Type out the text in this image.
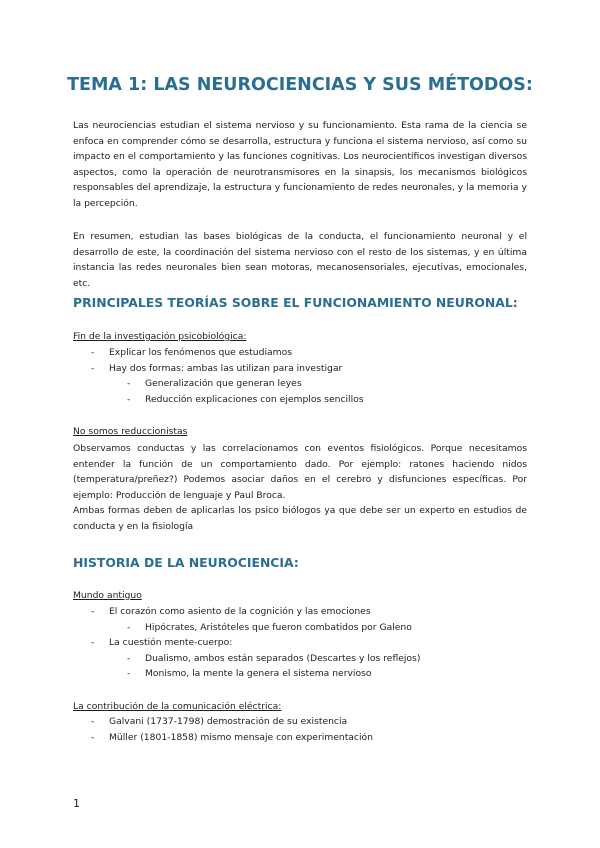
TEMA 1: LAS NEUROCIENCIAS Y SUS MÉTODOS:

Las neurociencias estudian el sistema nervioso y su funcionamiento. Esta rama de la ciencia se enfoca en comprender cómo se desarrolla, estructura y funciona el sistema nervioso, así como su impacto en el comportamiento y las funciones cognitivas. Los neurocientíficos investigan diversos aspectos, como la operación de neurotransmisores en la sinapsis, los mecanismos biológicos responsables del aprendizaje, la estructura y funcionamiento de redes neuronales, y la memoria y la percepción.

En resumen, estudian las bases biológicas de la conducta, el funcionamiento neuronal y el desarrollo de este, la coordinación del sistema nervioso con el resto de los sistemas, y en última instancia las redes neuronales bien sean motoras, mecanosensoriales, ejecutivas, emocionales, etc.

PRINCIPALES TEORÍAS SOBRE EL FUNCIONAMIENTO NEURONAL:
Fin de la investigación psicobiológica:
- Explicar los fenómenos que estudiamos
- Hay dos formas: ambas las utilizan para investigar
- Generalización que generan leyes
- Reducción explicaciones con ejemplos sencillos
No somos reduccionistas

Observamos conductas y las correlacionamos con eventos fisiológicos. Porque necesitamos entender la función de un comportamiento dado. Por ejemplo: ratones haciendo nidos (temperatura/preñez?) Podemos asociar daños en el cerebro y disfunciones específicas. Por ejemplo: Producción de lenguaje y Paul Broca.

Ambas formas deben de aplicarlas los psico biólogos ya que debe ser un experto en estudios de conducta y en la fisiología

HISTORIA DE LA NEUROCIENCIA:
Mundo antiguo
- El corazón como asiento de la cognición y las emociones
- Hipócrates, Aristóteles que fueron combatidos por Galeno
- La cuestión mente-cuerpo:
- Dualismo, ambos están separados (Descartes y los reflejos)
- Monismo, la mente la genera el sistema nervioso
La contribución de la comunicación eléctrica:
- Galvani (1737-1798) demostración de su existencia
- Müller (1801-1858) mismo mensaje con experimentación
1
